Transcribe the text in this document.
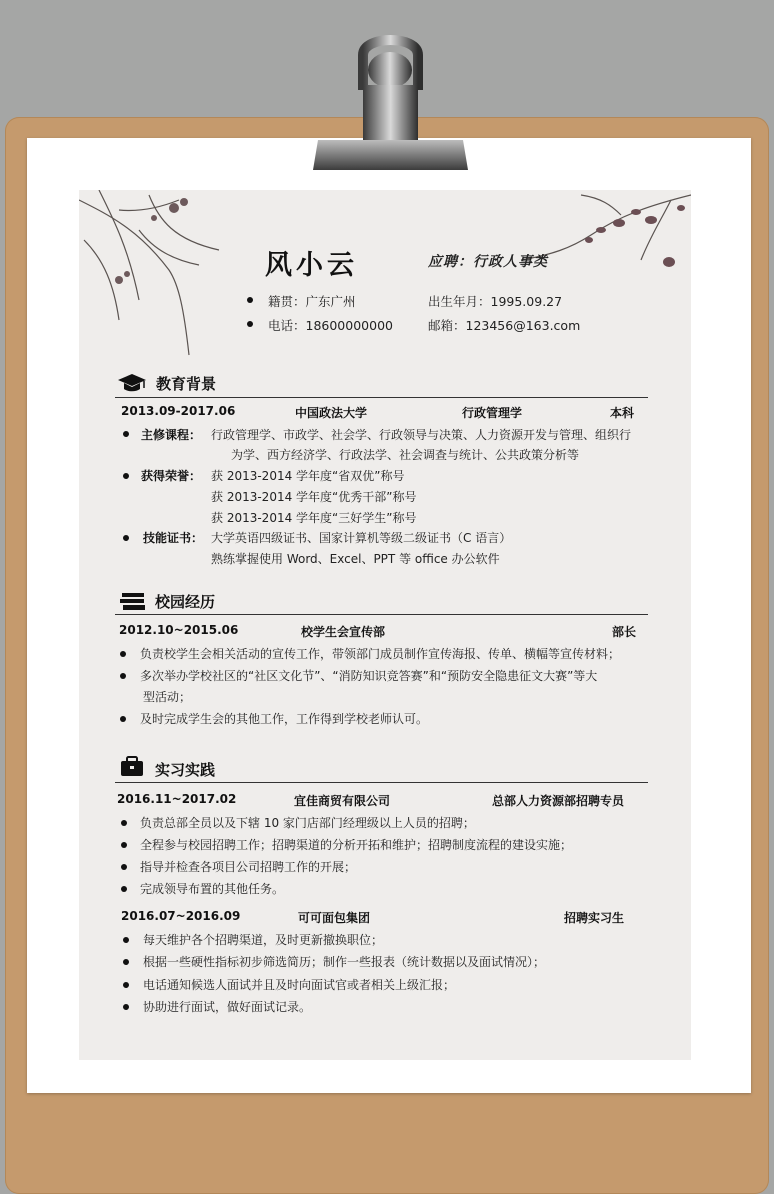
风小云	应聘：行政人事类
籍贯：广东广州	出生年月：1995.09.27
电话：18600000000	邮箱：123456@163.com
教育背景
2013.09-2017.06	中国政法大学	行政管理学	本科
主修课程： 行政管理学、市政学、社会学、行政领导与决策、人力资源开发与管理、组织行
为学、西方经济学、行政法学、社会调查与统计、公共政策分析等
获得荣誉： 获 2013-2014 学年度“省双优”称号
获 2013-2014 学年度“优秀干部”称号
获 2013-2014 学年度“三好学生”称号
技能证书： 大学英语四级证书、国家计算机等级二级证书（C 语言）
熟练掌握使用 Word、Excel、PPT 等 office 办公软件
校园经历
2012.10~2015.06	校学生会宣传部	部长
负责校学生会相关活动的宣传工作，带领部门成员制作宣传海报、传单、横幅等宣传材料；
多次举办学校社区的“社区文化节”、“消防知识竞答赛”和“预防安全隐患征文大赛”等大
型活动；
及时完成学生会的其他工作，工作得到学校老师认可。
实习实践
2016.11~2017.02	宜佳商贸有限公司	总部人力资源部招聘专员
负责总部全员以及下辖 10 家门店部门经理级以上人员的招聘；
全程参与校园招聘工作；招聘渠道的分析开拓和维护；招聘制度流程的建设实施；
指导并检查各项目公司招聘工作的开展；
完成领导布置的其他任务。
2016.07~2016.09	可可面包集团	招聘实习生
每天维护各个招聘渠道，及时更新撤换职位；
根据一些硬性指标初步筛选简历；制作一些报表（统计数据以及面试情况）；
电话通知候选人面试并且及时向面试官或者相关上级汇报；
协助进行面试，做好面试记录。
